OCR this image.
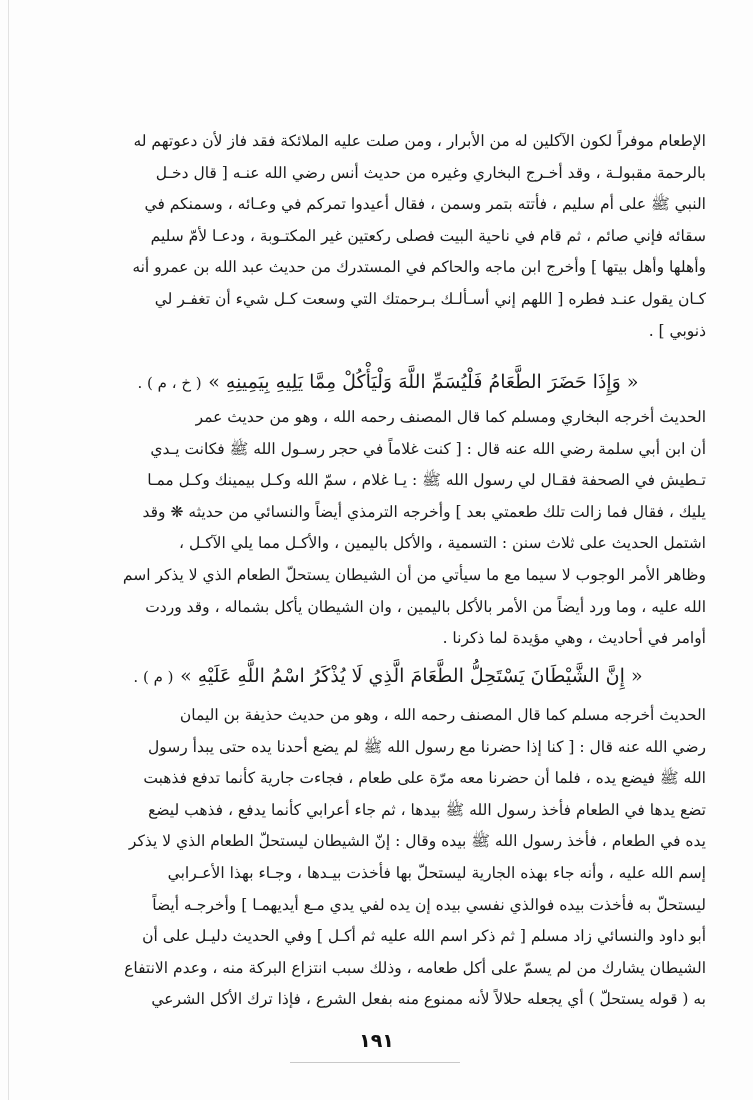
الإطعام موفراً لكون الآكلين له من الأبرار ، ومن صلت عليه الملائكة فقد فاز لأن دعوتهم له

بالرحمة مقبولـة ، وقد أخـرج البخاري وغيره من حديث أنس رضي الله عنـه [ قال دخـل

النبي ﷺ على أم سليم ، فأتته بتمر وسمن ، فقال أعيدوا تمركم في وعـائه ، وسمنكم في

سقائه فإني صائم ، ثم قام في ناحية البيت فصلى ركعتين غير المكتـوبة ، ودعـا لأمّ سليم

وأهلها وأهل بيتها ] وأخرج ابن ماجه والحاكم في المستدرك من حديث عبد الله بن عمرو أنه

كـان يقول عنـد فطره [ اللهم إني أسـألـك بـرحمتك التي وسعت كـل شيء أن تغفـر لي

ذنوبي ] .

« وَإِذَا حَضَرَ الطَّعَامُ فَلْيُسَمِّ اللَّهَ وَلْيَأْكُلْ مِمَّا يَلِيهِ بِيَمِينِهِ » ( خ ، م ) .

الحديث أخرجه البخاري ومسلم كما قال المصنف رحمه الله ، وهو من حديث عمر

أن ابن أبي سلمة رضي الله عنه قال : [ كنت غلاماً في حجر رسـول الله ﷺ فكانت يـدي

تـطيش في الصحفة فقـال لي رسول الله ﷺ : يـا غلام ، سمّ الله وكـل بيمينك وكـل ممـا

يليك ، فقال فما زالت تلك طعمتي بعد ] وأخرجه الترمذي أيضاً والنسائي من حديثه ❋ وقد

اشتمل الحديث على ثلاث سنن : التسمية ، والأكل باليمين ، والأكـل مما يلي الآكـل ،

وظاهر الأمر الوجوب لا سيما مع ما سيأتي من أن الشيطان يستحلّ الطعام الذي لا يذكر اسم

الله عليه ، وما ورد أيضاً من الأمر بالأكل باليمين ، وان الشيطان يأكل بشماله ، وقد وردت

أوامر في أحاديث ، وهي مؤيدة لما ذكرنا .

« إِنَّ الشَّيْطَانَ يَسْتَحِلُّ الطَّعَامَ الَّذِي لَا يُذْكَرُ اسْمُ اللَّهِ عَلَيْهِ » ( م ) .

الحديث أخرجه مسلم كما قال المصنف رحمه الله ، وهو من حديث حذيفة بن اليمان

رضي الله عنه قال : [ كنا إذا حضرنا مع رسول الله ﷺ لم يضع أحدنا يده حتى يبدأ رسول

الله ﷺ فيضع يده ، فلما أن حضرنا معه مرّة على طعام ، فجاءت جارية كأنما تدفع فذهبت

تضع يدها في الطعام فأخذ رسول الله ﷺ بيدها ، ثم جاء أعرابي كأنما يدفع ، فذهب ليضع

يده في الطعام ، فأخذ رسول الله ﷺ بيده وقال : إنّ الشيطان ليستحلّ الطعام الذي لا يذكر

إسم الله عليه ، وأنه جاء بهذه الجارية ليستحلّ بها فأخذت بيـدها ، وجـاء بهذا الأعـرابي

ليستحلّ به فأخذت بيده فوالذي نفسي بيده إن يده لفي يدي مـع أيديهمـا ] وأخرجـه أيضاً

أبو داود والنسائي زاد مسلم [ ثم ذكر اسم الله عليه ثم أكـل ] وفي الحديث دليـل على أن

الشيطان يشارك من لم يسمّ على أكل طعامه ، وذلك سبب انتزاع البركة منه ، وعدم الانتفاع

به ( قوله يستحلّ ) أي يجعله حلالاً لأنه ممنوع منه بفعل الشرع ، فإذا ترك الأكل الشرعي

١٩١
